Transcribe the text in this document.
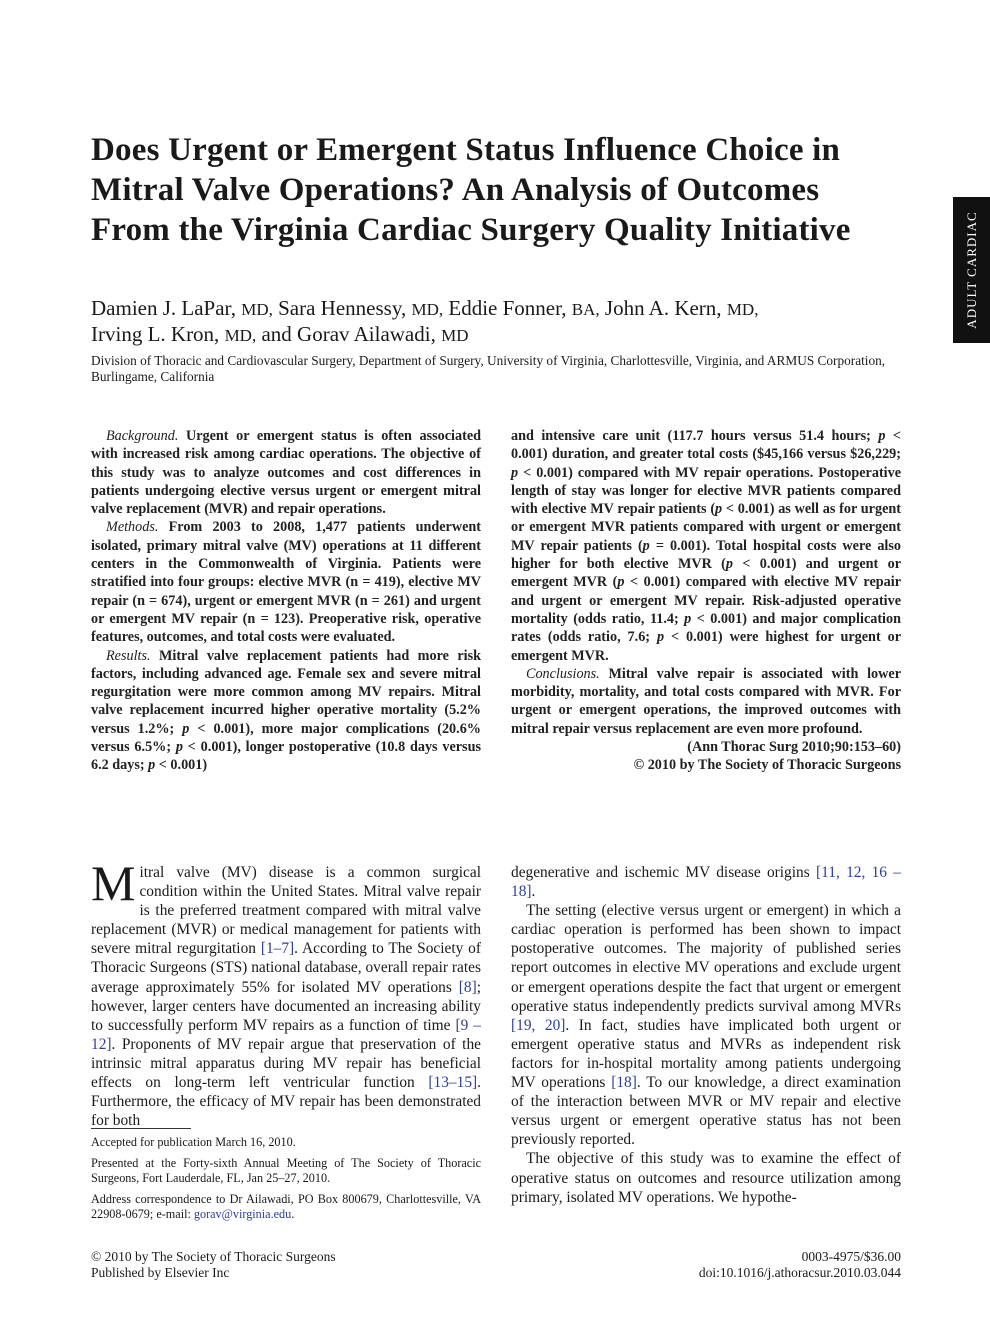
ADULT CARDIAC
Does Urgent or Emergent Status Influence Choice in Mitral Valve Operations? An Analysis of Outcomes From the Virginia Cardiac Surgery Quality Initiative
Damien J. LaPar, MD, Sara Hennessy, MD, Eddie Fonner, BA, John A. Kern, MD,
Irving L. Kron, MD, and Gorav Ailawadi, MD
Division of Thoracic and Cardiovascular Surgery, Department of Surgery, University of Virginia, Charlottesville, Virginia, and ARMUS Corporation, Burlingame, California

Background. Urgent or emergent status is often associated with increased risk among cardiac operations. The objective of this study was to analyze outcomes and cost differences in patients undergoing elective versus urgent or emergent mitral valve replacement (MVR) and repair operations.

Methods. From 2003 to 2008, 1,477 patients underwent isolated, primary mitral valve (MV) operations at 11 different centers in the Commonwealth of Virginia. Patients were stratified into four groups: elective MVR (n = 419), elective MV repair (n = 674), urgent or emergent MVR (n = 261) and urgent or emergent MV repair (n = 123). Preoperative risk, operative features, outcomes, and total costs were evaluated.

Results. Mitral valve replacement patients had more risk factors, including advanced age. Female sex and severe mitral regurgitation were more common among MV repairs. Mitral valve replacement incurred higher operative mortality (5.2% versus 1.2%; p < 0.001), more major complications (20.6% versus 6.5%; p < 0.001), longer postoperative (10.8 days versus 6.2 days; p < 0.001)

and intensive care unit (117.7 hours versus 51.4 hours; p < 0.001) duration, and greater total costs ($45,166 versus $26,229; p < 0.001) compared with MV repair operations. Postoperative length of stay was longer for elective MVR patients compared with elective MV repair patients (p < 0.001) as well as for urgent or emergent MVR patients compared with urgent or emergent MV repair patients (p = 0.001). Total hospital costs were also higher for both elective MVR (p < 0.001) and urgent or emergent MVR (p < 0.001) compared with elective MV repair and urgent or emergent MV repair. Risk-adjusted operative mortality (odds ratio, 11.4; p < 0.001) and major complication rates (odds ratio, 7.6; p < 0.001) were highest for urgent or emergent MVR.

Conclusions. Mitral valve repair is associated with lower morbidity, mortality, and total costs compared with MVR. For urgent or emergent operations, the improved outcomes with mitral repair versus replacement are even more profound.

(Ann Thorac Surg 2010;90:153–60)

© 2010 by The Society of Thoracic Surgeons

Mitral valve (MV) disease is a common surgical condition within the United States. Mitral valve repair is the preferred treatment compared with mitral valve replacement (MVR) or medical management for patients with severe mitral regurgitation [1–7]. According to The Society of Thoracic Surgeons (STS) national database, overall repair rates average approximately 55% for isolated MV operations [8]; however, larger centers have documented an increasing ability to successfully perform MV repairs as a function of time [9 –12]. Proponents of MV repair argue that preservation of the intrinsic mitral apparatus during MV repair has beneficial effects on long-term left ventricular function [13–15]. Furthermore, the efficacy of MV repair has been demonstrated for both

degenerative and ischemic MV disease origins [11, 12, 16 –18].

The setting (elective versus urgent or emergent) in which a cardiac operation is performed has been shown to impact postoperative outcomes. The majority of published series report outcomes in elective MV operations and exclude urgent or emergent operations despite the fact that urgent or emergent operative status independently predicts survival among MVRs [19, 20]. In fact, studies have implicated both urgent or emergent operative status and MVRs as independent risk factors for in-hospital mortality among patients undergoing MV operations [18]. To our knowledge, a direct examination of the interaction between MVR or MV repair and elective versus urgent or emergent operative status has not been previously reported.

The objective of this study was to examine the effect of operative status on outcomes and resource utilization among primary, isolated MV operations. We hypothe-

Accepted for publication March 16, 2010.

Presented at the Forty-sixth Annual Meeting of The Society of Thoracic Surgeons, Fort Lauderdale, FL, Jan 25–27, 2010.

Address correspondence to Dr Ailawadi, PO Box 800679, Charlottesville, VA 22908-0679; e-mail: gorav@virginia.edu.

© 2010 by The Society of Thoracic Surgeons
Published by Elsevier Inc
0003-4975/$36.00
doi:10.1016/j.athoracsur.2010.03.044
